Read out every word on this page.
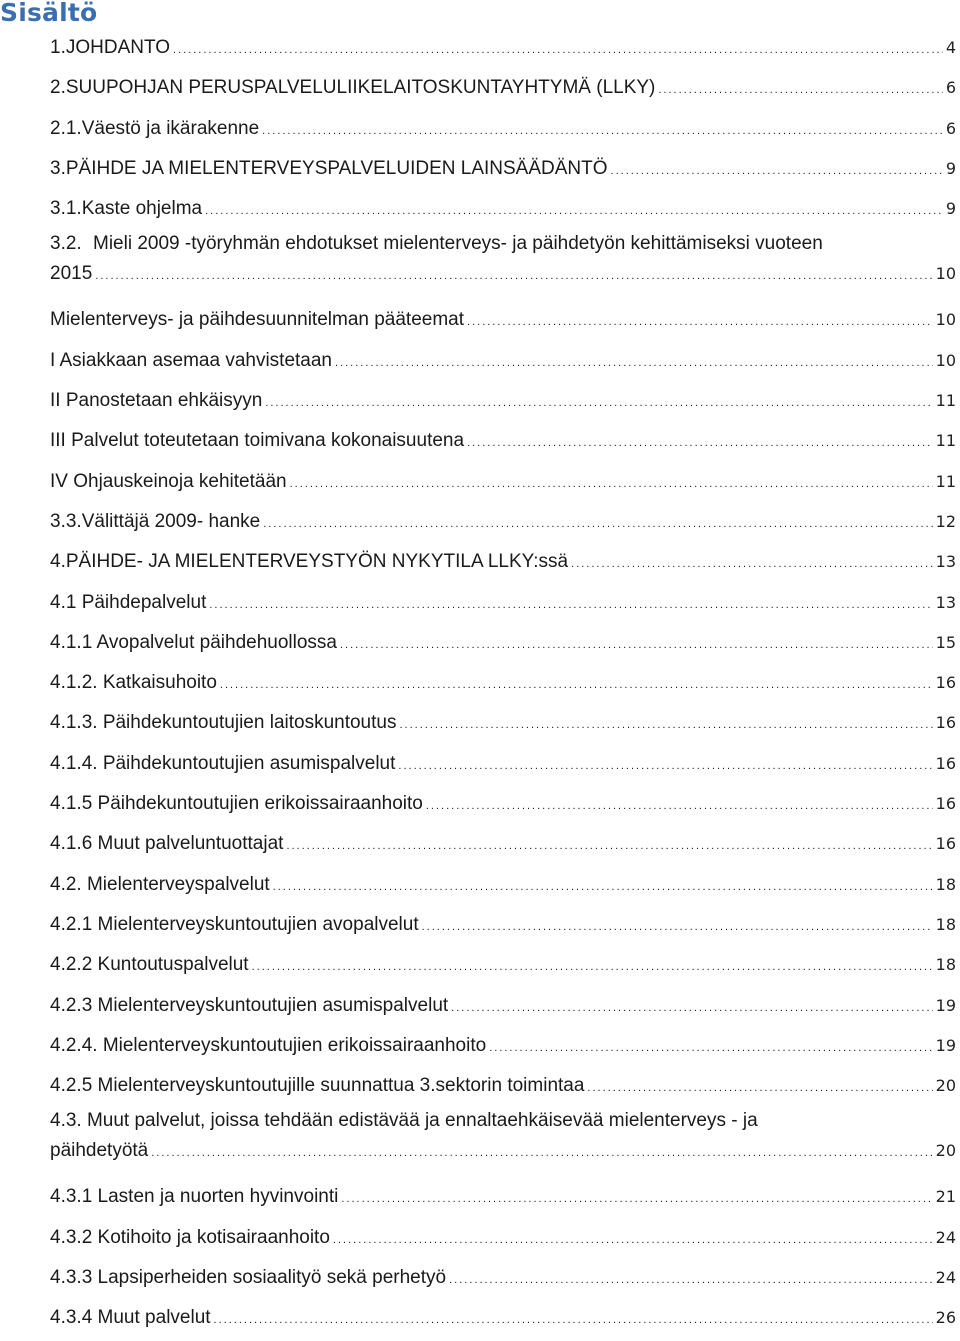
Sisältö
1. JOHDANTO .....	4
2. SUUPOHJAN PERUSPALVELULIIKELAITOSKUNTAYHTYMÄ (LLKY) .....	6
2.1. Väestö ja ikärakenne .....	6
3. PÄIHDE JA MIELENTERVEYSPALVELUIDEN LAINSÄÄDÄNTÖ .....	9
3.1. Kaste ohjelma .....	9
3.2. Mieli 2009 -työryhmän ehdotukset mielenterveys- ja päihdetyön kehittämiseksi vuoteen
2015 .....	10
Mielenterveys- ja päihdesuunnitelman pääteemat .....	10
I Asiakkaan asemaa vahvistetaan .....	10
II Panostetaan ehkäisyyn .....	11
III Palvelut toteutetaan toimivana kokonaisuutena .....	11
IV Ohjauskeinoja kehitetään .....	11
3.3. Välittäjä 2009- hanke .....	12
4. PÄIHDE- JA MIELENTERVEYSTYÖN NYKYTILA LLKY:ssä .....	13
4.1 Päihdepalvelut .....	13
4.1.1 Avopalvelut päihdehuollossa .....	15
4.1.2. Katkaisuhoito .....	16
4.1.3. Päihdekuntoutujien laitoskuntoutus .....	16
4.1.4. Päihdekuntoutujien asumispalvelut .....	16
4.1.5 Päihdekuntoutujien erikoissairaanhoito .....	16
4.1.6 Muut palveluntuottajat .....	16
4.2. Mielenterveyspalvelut .....	18
4.2.1 Mielenterveyskuntoutujien avopalvelut .....	18
4.2.2 Kuntoutuspalvelut .....	18
4.2.3 Mielenterveyskuntoutujien asumispalvelut .....	19
4.2.4. Mielenterveyskuntoutujien erikoissairaanhoito .....	19
4.2.5 Mielenterveyskuntoutujille suunnattua 3.sektorin toimintaa .....	20
4.3. Muut palvelut, joissa tehdään edistävää ja ennaltaehkäisevää mielenterveys - ja
päihdetyötä .....	20
4.3.1 Lasten ja nuorten hyvinvointi .....	21
4.3.2 Kotihoito ja kotisairaanhoito .....	24
4.3.3 Lapsiperheiden sosiaalityö sekä perhetyö .....	24
4.3.4 Muut palvelut .....	26
